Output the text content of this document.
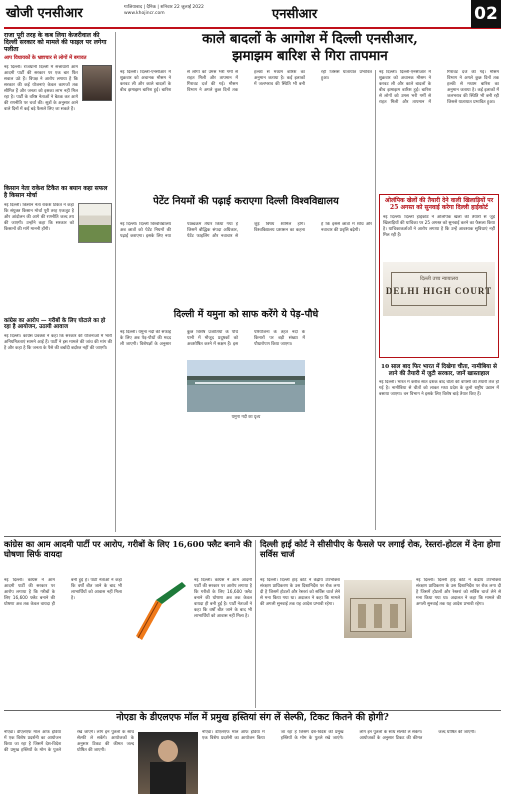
खोजी एनसीआर	गाजियाबाद | दैनिक | शनिवार 22 जुलाई 2022
www.khojincr.com	एनसीआर	02
राजा पूरी तरह के कब लिया केजरीवाल की दिल्ली सरकार को मामले की फाइल पर लगेगा पलीता
आप विधायकों के भ्रष्टाचार से लोगों में बगावत
नई दिल्ली। राजधानी दिल्ली में सत्ताधारी आम आदमी पार्टी की सरकार पर एक बार फिर सवाल उठे हैं। विपक्ष ने आरोप लगाया है कि सरकार की कई योजनाएं केवल कागजों तक सीमित हैं और जनता को इसका लाभ नहीं मिल रहा है। पार्टी के वरिष्ठ नेताओं ने बैठक कर आगे की रणनीति पर चर्चा की। सूत्रों के अनुसार आने वाले दिनों में कई बड़े फैसले लिए जा सकते हैं।
किसान नेता राकेश टिकैत का बयान कहा सफल है किसान मोर्चा
नई दिल्ली। किसान नेता राकेश टिकैत ने कहा कि संयुक्त किसान मोर्चा पूरी तरह एकजुट है और आंदोलन की आगे की रणनीति जल्द तय की जाएगी। उन्होंने कहा कि सरकार को किसानों की मांगें माननी होंगी।
कांग्रेस का आरोप — गरीबों के लिए घोटाले का हो रहा है आयोजन, उठायी आवाज
नई दिल्ली। कांग्रेस प्रवक्ता ने कहा कि सरकार की योजनाओं में भारी अनियमितताएं सामने आई हैं। पार्टी ने इस मामले की जांच की मांग की है और कहा है कि जनता के पैसे की बर्बादी बर्दाश्त नहीं की जाएगी।
काले बादलों के आगोश में दिल्ली एनसीआर,
झमाझम बारिश से गिरा तापमान
नई दिल्ली। दिल्ली-एनसीआर में शुक्रवार को अचानक मौसम ने करवट ली और काले बादलों के बीच झमाझम बारिश हुई। बारिश से लोगों को उमस भरी गर्मी से राहत मिली और तापमान में गिरावट दर्ज की गई। मौसम विभाग ने अगले कुछ दिनों तक हल्की से मध्यम बारिश का अनुमान जताया है। कई इलाकों में जलभराव की स्थिति भी बनी रही जिससे यातायात प्रभावित हुआ।
पेटेंट नियमों की पढ़ाई कराएगा दिल्ली विश्वविद्यालय
नई दिल्ली। दिल्ली विश्वविद्यालय अब छात्रों को पेटेंट नियमों की पढ़ाई कराएगा। इसके लिए नया पाठ्यक्रम तैयार किया गया है जिसमें बौद्धिक संपदा अधिकार, पेटेंट फाइलिंग और नवाचार से जुड़े विषय शामिल होंगे। विश्वविद्यालय प्रशासन का कहना है कि इससे छात्रों में शोध और नवाचार की प्रवृत्ति बढ़ेगी।
दिल्ली में यमुना को साफ करेंगे ये पेड़-पौधे
नई दिल्ली। यमुना नदी की सफाई के लिए अब पेड़-पौधों की मदद ली जाएगी। विशेषज्ञों के अनुसार कुछ विशेष प्रजातियों के पौधे पानी में मौजूद प्रदूषकों को अवशोषित करने में सक्षम हैं। इस परियोजना के तहत नदी के किनारों पर बड़ी संख्या में पौधारोपण किया जाएगा।
यमुना नदी का दृश्य
ओलंपिक खेलों की तैयारी देने वाली खिलाड़ियों पर 25 अगस्त को सुनवाई करेगा दिल्ली हाईकोर्ट
नई दिल्ली। दिल्ली हाईकोर्ट ने ओलंपिक खेलों की तैयारी से जुड़े खिलाड़ियों की याचिका पर 25 अगस्त को सुनवाई करने का फैसला किया है। याचिकाकर्ताओं ने आरोप लगाया है कि उन्हें आवश्यक सुविधाएं नहीं मिल रही हैं।
दिल्ली उच्च न्यायालय
DELHI HIGH COURT
10 साल बाद फिर भारत में दिखेगा चीता, नामीबिया से लाने की तैयारी में जुटी सरकार, जानें खास्ताहाल
नई दिल्ली। भारत में करीब सात दशक बाद चीतों की वापसी की तैयारी तेज हो गई है। नामीबिया से चीतों को लाकर मध्य प्रदेश के कूनो राष्ट्रीय उद्यान में बसाया जाएगा। वन विभाग ने इसके लिए विशेष बाड़े तैयार किए हैं।
नई दिल्ली। दिल्ली-एनसीआर में शुक्रवार को अचानक मौसम ने करवट ली और काले बादलों के बीच झमाझम बारिश हुई। बारिश से लोगों को उमस भरी गर्मी से राहत मिली और तापमान में गिरावट दर्ज की गई। मौसम विभाग ने अगले कुछ दिनों तक हल्की से मध्यम बारिश का अनुमान जताया है। कई इलाकों में जलभराव की स्थिति भी बनी रही जिससे यातायात प्रभावित हुआ।
कांग्रेस का आम आदमी पार्टी पर आरोप, गरीबों के लिए 16,600 फ्लैट बनाने की घोषणा सिर्फ वायदा
नई दिल्ली। कांग्रेस ने आम आदमी पार्टी की सरकार पर आरोप लगाया है कि गरीबों के लिए 16,600 फ्लैट बनाने की घोषणा अब तक केवल वायदा ही बनी हुई है। पार्टी नेताओं ने कहा कि वर्षों बीत जाने के बाद भी लाभार्थियों को आवास नहीं मिला है।
नई दिल्ली। कांग्रेस ने आम आदमी पार्टी की सरकार पर आरोप लगाया है कि गरीबों के लिए 16,600 फ्लैट बनाने की घोषणा अब तक केवल वायदा ही बनी हुई है। पार्टी नेताओं ने कहा कि वर्षों बीत जाने के बाद भी लाभार्थियों को आवास नहीं मिला है।
दिल्ली हाई कोर्ट ने सीसीपीए के फैसले पर लगाई रोक, रेस्तरां-होटल में देना होगा सर्विस चार्ज
नई दिल्ली। दिल्ली हाई कोर्ट ने केंद्रीय उपभोक्ता संरक्षण प्राधिकरण के उस दिशानिर्देश पर रोक लगा दी है जिसमें होटलों और रेस्तरां को सर्विस चार्ज लेने से मना किया गया था। अदालत ने कहा कि मामले की अगली सुनवाई तक यह आदेश प्रभावी रहेगा।
नई दिल्ली। दिल्ली हाई कोर्ट ने केंद्रीय उपभोक्ता संरक्षण प्राधिकरण के उस दिशानिर्देश पर रोक लगा दी है जिसमें होटलों और रेस्तरां को सर्विस चार्ज लेने से मना किया गया था। अदालत ने कहा कि मामले की अगली सुनवाई तक यह आदेश प्रभावी रहेगा।
नोएडा के डीएलएफ मॉल में प्रमुख हस्तियां संग लें सेल्फी, टिकट कितने की होगी?
नोएडा। डीएलएफ मॉल ऑफ इंडिया में एक विशेष प्रदर्शनी का आयोजन किया जा रहा है जिसमें देश-विदेश की प्रमुख हस्तियों के मोम के पुतले रखे जाएंगे। लोग इन पुतलों के साथ सेल्फी ले सकेंगे। आयोजकों के अनुसार टिकट की कीमत जल्द घोषित की जाएगी।
नोएडा। डीएलएफ मॉल ऑफ इंडिया में एक विशेष प्रदर्शनी का आयोजन किया जा रहा है जिसमें देश-विदेश की प्रमुख हस्तियों के मोम के पुतले रखे जाएंगे। लोग इन पुतलों के साथ सेल्फी ले सकेंगे। आयोजकों के अनुसार टिकट की कीमत जल्द घोषित की जाएगी।
